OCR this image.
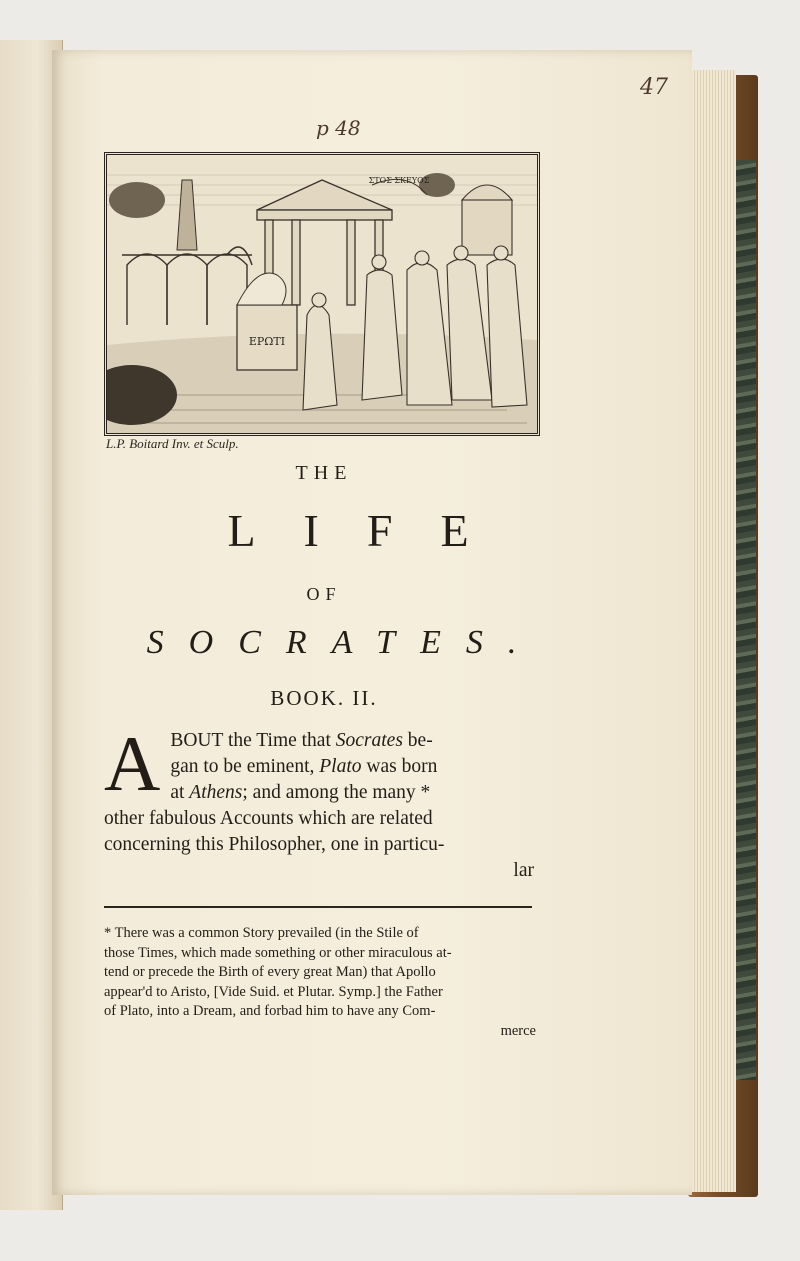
47
p 48
ΕΡΩΤΙ
ΣΤΟΣ ΣΚΕΥΟΣ
L.P. Boitard Inv. et Sculp.
THE
LIFE
OF
SOCRATES.
BOOK. II.
A BOUT the Time that Socrates be-
gan to be eminent, Plato was born
at Athens; and among the many *
other fabulous Accounts which are related
concerning this Philosopher, one in particu-
lar
* There was a common Story prevailed (in the Stile of
those Times, which made something or other miraculous at-
tend or precede the Birth of every great Man) that Apollo
appear'd to Aristo, [Vide Suid. et Plutar. Symp.] the Father
of Plato, into a Dream, and forbad him to have any Com-
merce
